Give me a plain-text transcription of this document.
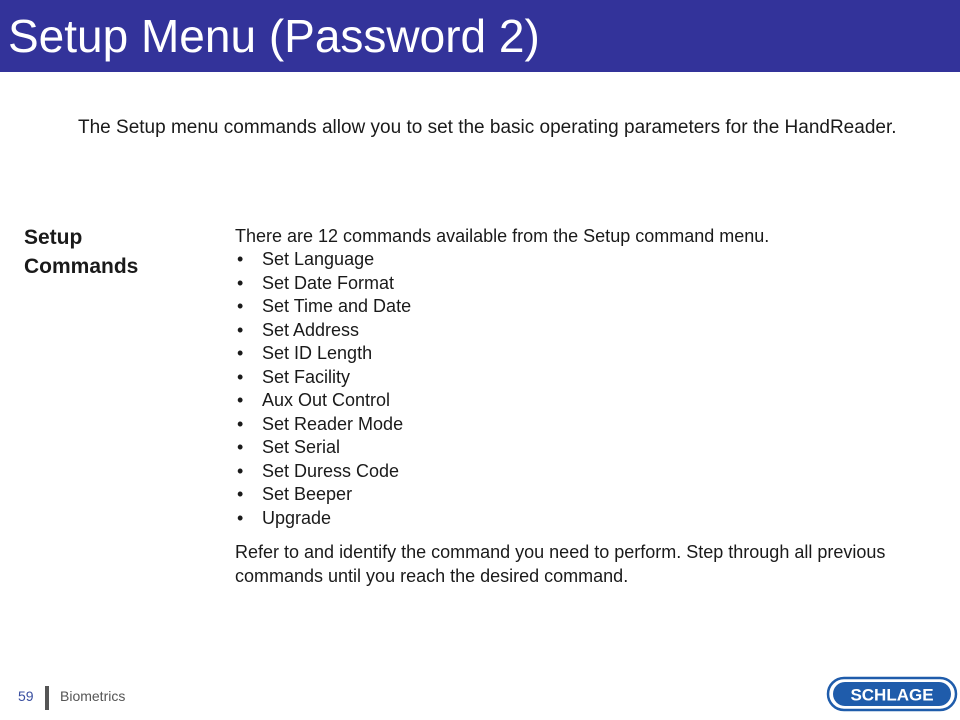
Setup Menu (Password 2)
The Setup menu commands allow you to set the basic operating parameters for the HandReader.
Setup
Commands
There are 12 commands available from the Setup command menu.
• Set Language
• Set Date Format
• Set Time and Date
• Set Address
• Set ID Length
• Set Facility
• Aux Out Control
• Set Reader Mode
• Set Serial
• Set Duress Code
• Set Beeper
• Upgrade
Refer to and identify the command you need to perform. Step through all previous commands until you reach the desired command.
59 Biometrics	SCHLAGE
